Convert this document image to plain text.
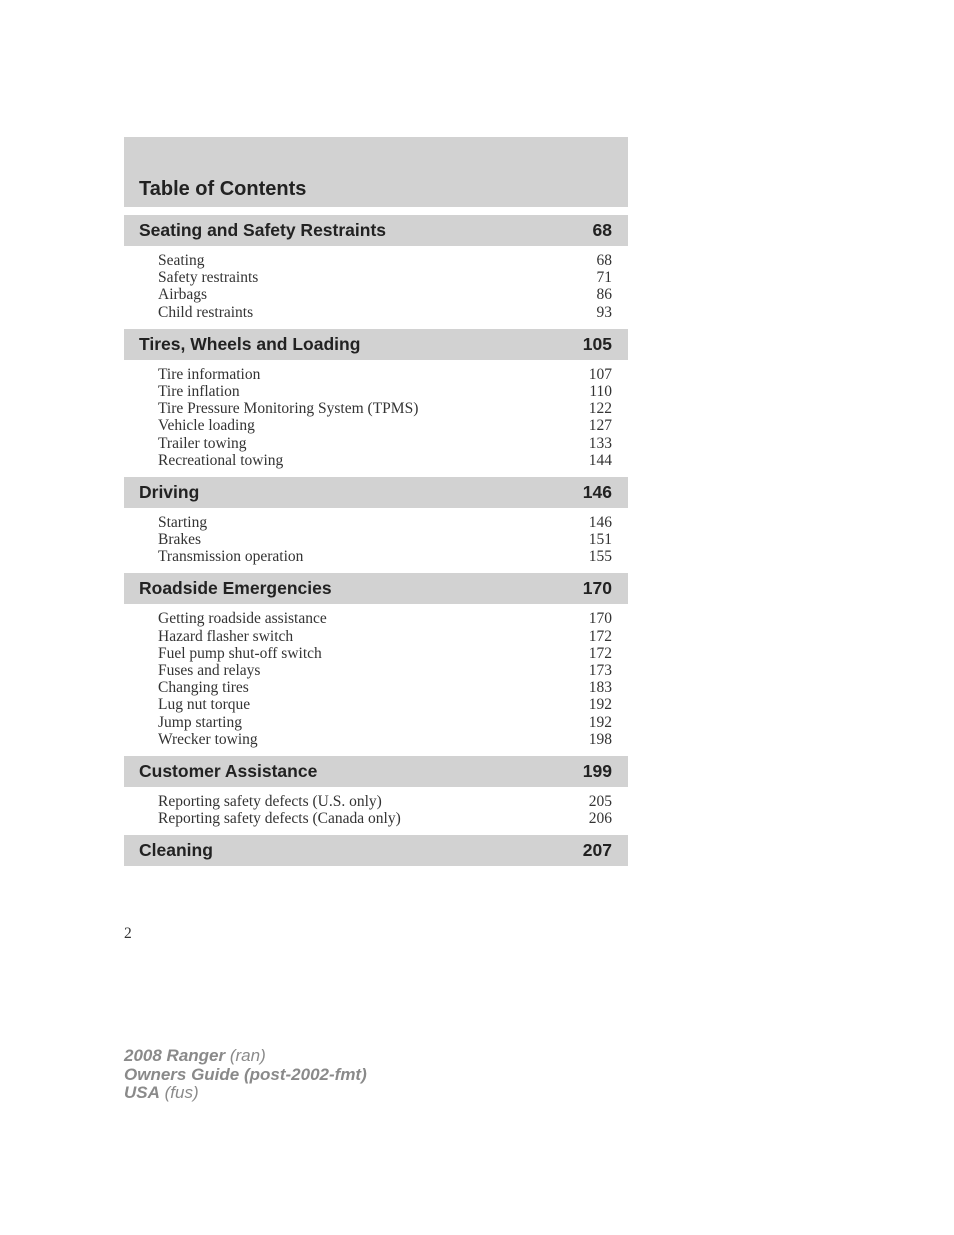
Table of Contents
Seating and Safety Restraints	68
Seating	68
Safety restraints	71
Airbags	86
Child restraints	93
Tires, Wheels and Loading	105
Tire information	107
Tire inflation	110
Tire Pressure Monitoring System (TPMS)	122
Vehicle loading	127
Trailer towing	133
Recreational towing	144
Driving	146
Starting	146
Brakes	151
Transmission operation	155
Roadside Emergencies	170
Getting roadside assistance	170
Hazard flasher switch	172
Fuel pump shut-off switch	172
Fuses and relays	173
Changing tires	183
Lug nut torque	192
Jump starting	192
Wrecker towing	198
Customer Assistance	199
Reporting safety defects (U.S. only)	205
Reporting safety defects (Canada only)	206
Cleaning	207
2
2008 Ranger (ran)
Owners Guide (post-2002-fmt)
USA (fus)
